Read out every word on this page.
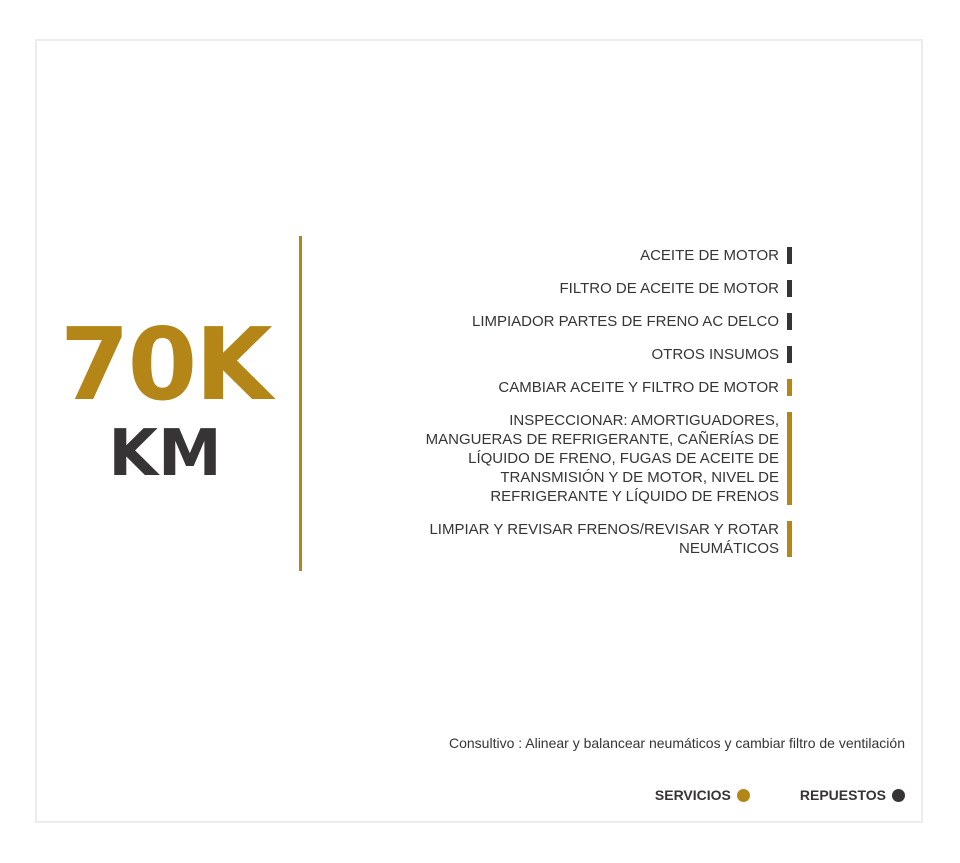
70K
KM
ACEITE DE MOTOR
FILTRO DE ACEITE DE MOTOR
LIMPIADOR PARTES DE FRENO AC DELCO
OTROS INSUMOS
CAMBIAR ACEITE Y FILTRO DE MOTOR
INSPECCIONAR: AMORTIGUADORES, MANGUERAS DE REFRIGERANTE, CAÑERÍAS DE LÍQUIDO DE FRENO, FUGAS DE ACEITE DE TRANSMISIÓN Y DE MOTOR, NIVEL DE REFRIGERANTE Y LÍQUIDO DE FRENOS
LIMPIAR Y REVISAR FRENOS/REVISAR Y ROTAR NEUMÁTICOS
Consultivo : Alinear y balancear neumáticos y cambiar filtro de ventilación
SERVICIOS	REPUESTOS
